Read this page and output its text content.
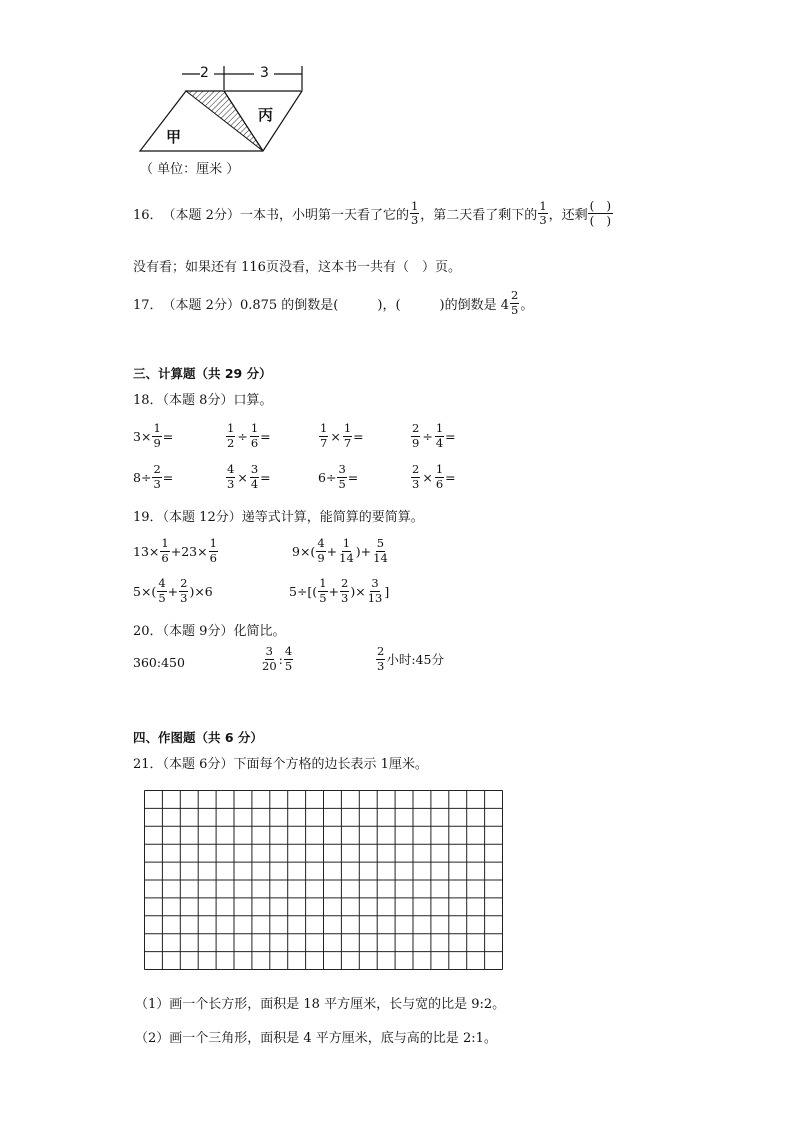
2	3
甲
丙
（ 单位：厘米 ）
16． （本题 2分） 一本书，小明第一天看了它的 $\frac{1}{3}$ ，第二天看了剩下的 $\frac{1}{3}$ ，还剩 $\frac{( )}{( )}$
没有看；如果还有 116页没看，这本书一共有（　）页。
17． （本题 2分） 0.875 的倒数是(　　　)，(　　　)的倒数是 $4 \frac{2}{5}$ 。
三、计算题（共 29 分）
18．（本题 8分）口算。
$3\times \frac{1}{9}$ =	$\frac{1}{2} \div \frac{1}{6}$ =	$\frac{1}{7} \times \frac{1}{7}$ =	$\frac{2}{9} \div \frac{1}{4}$ =
$8\div \frac{2}{3}$ =	$\frac{4}{3} \times \frac{3}{4}$ =	$6\div \frac{3}{5}$ =	$\frac{2}{3} \times \frac{1}{6}$ =
19．（本题 12分）递等式计算，能简算的要简算。
$13\times \frac{1}{6} +23\times \frac{1}{6}$	$9\times( \frac{4}{9} + \frac{1}{14}$ )+ $\frac{5}{14}$
$5\times( \frac{4}{5} + \frac{2}{3} )\times 6$	$5\div[( \frac{1}{5} + \frac{2}{3}$ )× $\frac{3}{13}$ ]
20．（本题 9分）化简比。
360:450	$\frac{3}{20}$ : $\frac{4}{5}$	$\frac{2}{3}$ 小时:45分
四、作图题（共 6 分）
21．（本题 6分）下面每个方格的边长表示 1厘米。
（1）画一个长方形，面积是 18 平方厘米，长与宽的比是 9:2。
（2）画一个三角形，面积是 4 平方厘米，底与高的比是 2:1。
